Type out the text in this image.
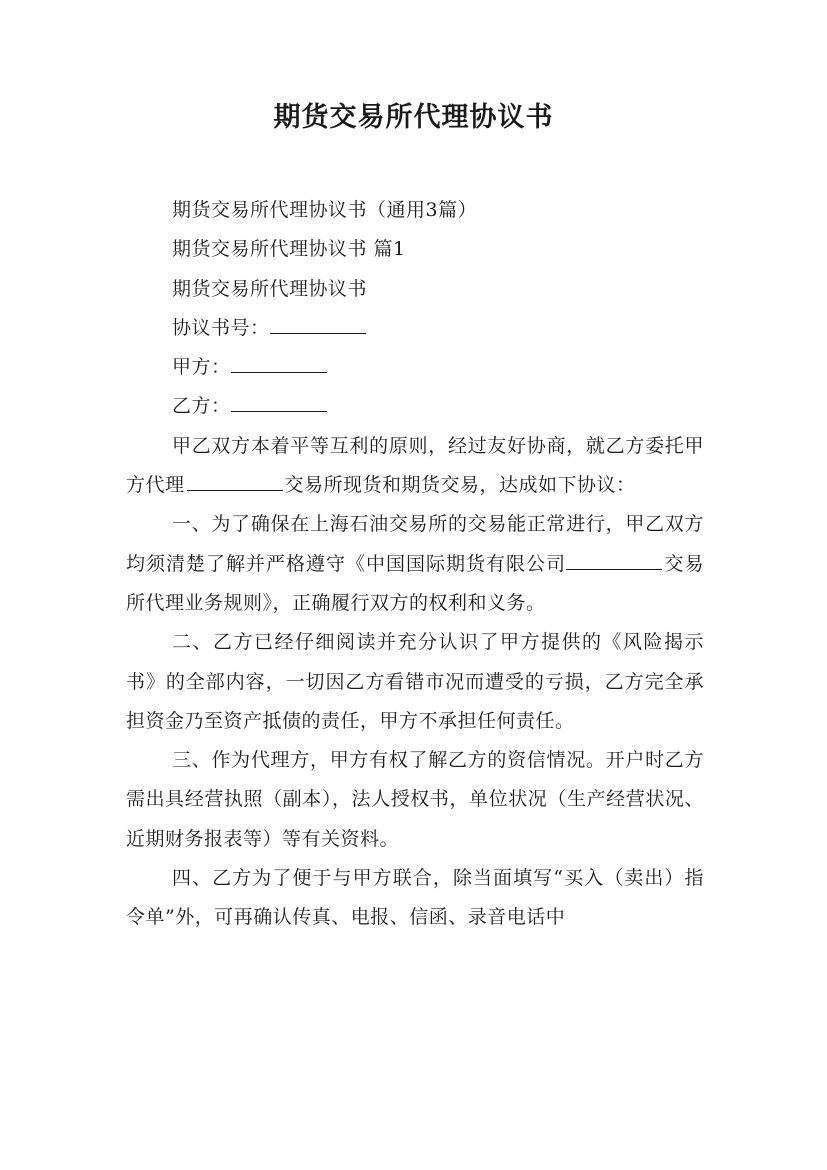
期货交易所代理协议书

期货交易所代理协议书（通用3篇）

期货交易所代理协议书 篇1

期货交易所代理协议书

协议书号：

甲方：

乙方：

甲乙双方本着平等互利的原则，经过友好协商，就乙方委托甲方代理	交易所现货和期货交易，达成如下协议：

一、为了确保在上海石油交易所的交易能正常进行，甲乙双方均须清楚了解并严格遵守《中国国际期货有限公司	交易所代理业务规则》，正确履行双方的权利和义务。

二、乙方已经仔细阅读并充分认识了甲方提供的《风险揭示书》的全部内容，一切因乙方看错市况而遭受的亏损，乙方完全承担资金乃至资产抵债的责任，甲方不承担任何责任。

三、作为代理方，甲方有权了解乙方的资信情况。开户时乙方需出具经营执照（副本），法人授权书，单位状况（生产经营状况、近期财务报表等）等有关资料。

四、乙方为了便于与甲方联合，除当面填写“买入（卖出）指令单”外，可再确认传真、电报、信函、录音电话中
